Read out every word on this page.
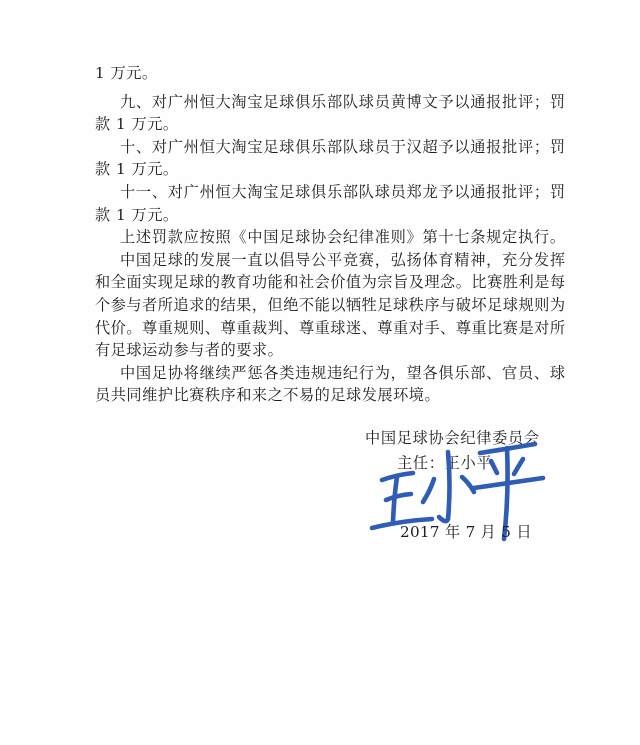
1 万元。
九、对广州恒大淘宝足球俱乐部队球员黄博文予以通报批评；罚
款 1 万元。
十、对广州恒大淘宝足球俱乐部队球员于汉超予以通报批评；罚
款 1 万元。
十一、对广州恒大淘宝足球俱乐部队球员郑龙予以通报批评；罚
款 1 万元。
上述罚款应按照《中国足球协会纪律准则》第十七条规定执行。
中国足球的发展一直以倡导公平竞赛，弘扬体育精神，充分发挥
和全面实现足球的教育功能和社会价值为宗旨及理念。比赛胜利是每
个参与者所追求的结果，但绝不能以牺牲足球秩序与破坏足球规则为
代价。尊重规则、尊重裁判、尊重球迷、尊重对手、尊重比赛是对所
有足球运动参与者的要求。
中国足协将继续严惩各类违规违纪行为，望各俱乐部、官员、球
员共同维护比赛秩序和来之不易的足球发展环境。
中国足球协会纪律委员会
主任：王小平
2017 年 7 月 5 日
